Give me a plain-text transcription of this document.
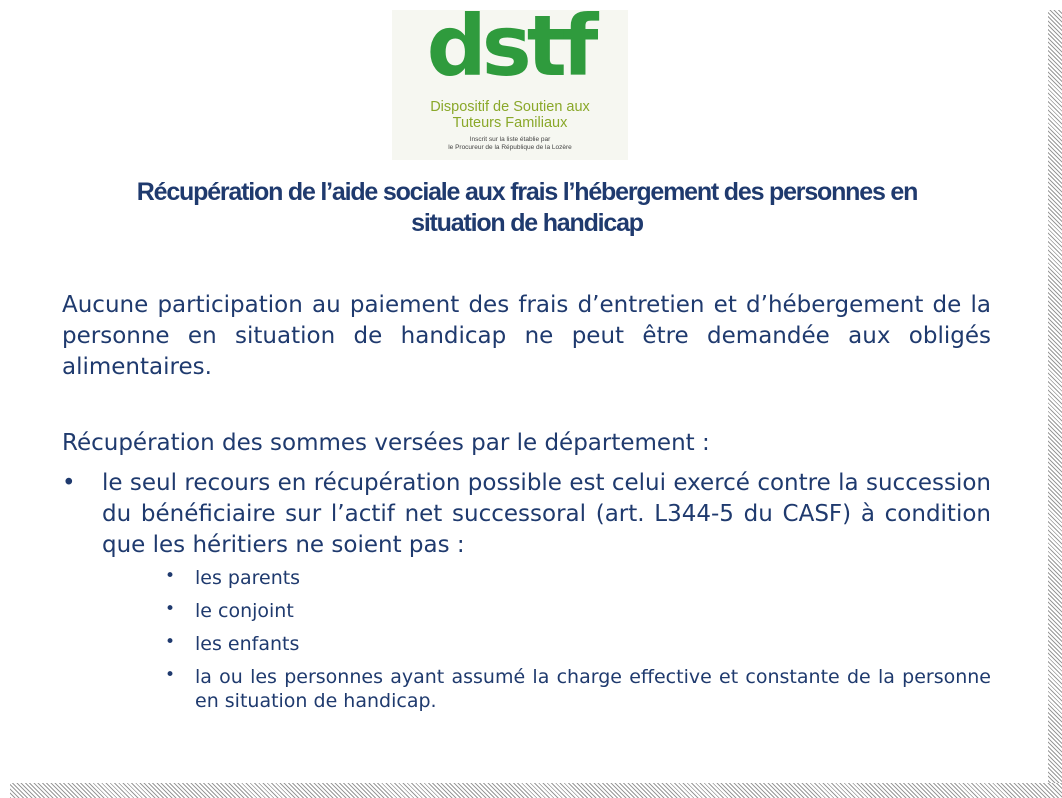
dstf
Dispositif de Soutien aux
Tuteurs Familiaux
Inscrit sur la liste établie par
le Procureur de la République de la Lozère
Récupération de l’aide sociale aux frais l’hébergement des personnes en
situation de handicap
Aucune participation au paiement des frais d’entretien et d’hébergement de la personne en situation de handicap ne peut être demandée aux obligés alimentaires.
Récupération des sommes versées par le département :
• le seul recours en récupération possible est celui exercé contre la succession du bénéficiaire sur l’actif net successoral (art. L344-5 du CASF) à condition que les héritiers ne soient pas :
• les parents
• le conjoint
• les enfants
• la ou les personnes ayant assumé la charge effective et constante de la personne en situation de handicap.
